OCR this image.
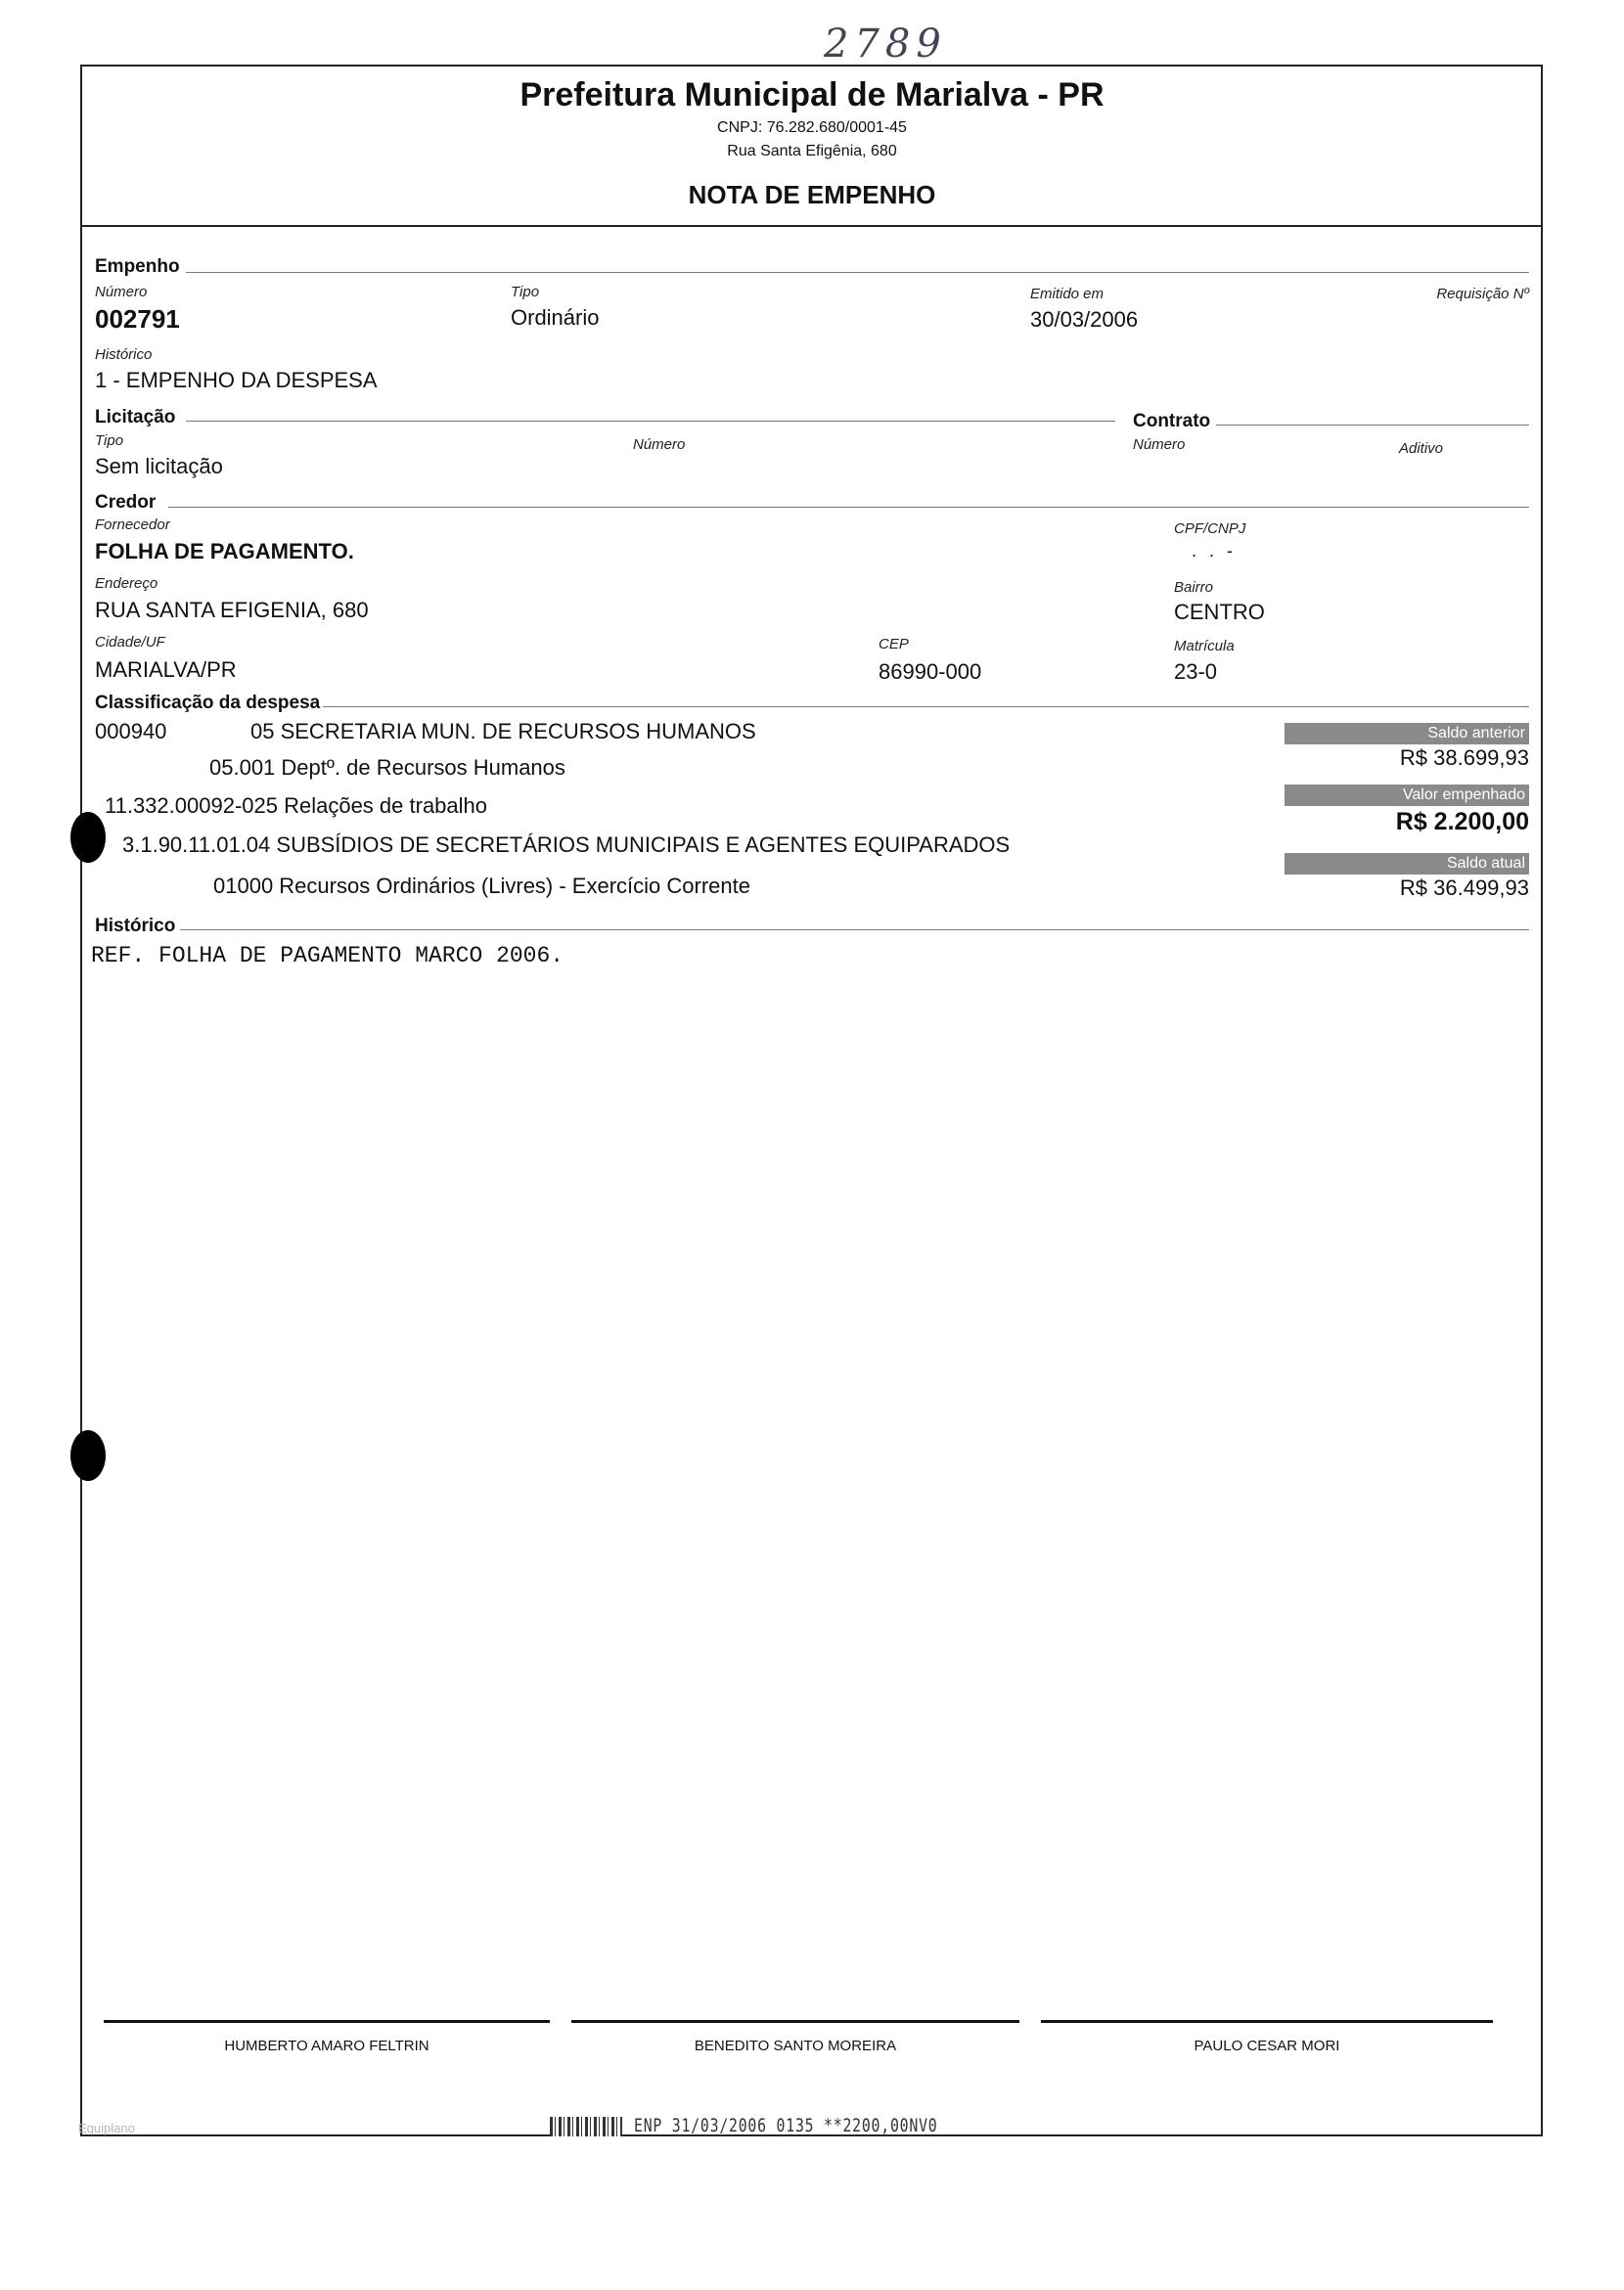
2789
Prefeitura Municipal de Marialva - PR
CNPJ: 76.282.680/0001-45
Rua Santa Efigênia, 680
NOTA DE EMPENHO
Empenho
Número
002791
Tipo
Ordinário
Emitido em
30/03/2006
Requisição Nº
Histórico
1 - EMPENHO DA DESPESA
Licitação	Contrato
Tipo
Sem licitação
Número	Número	Aditivo
Credor
Fornecedor
FOLHA DE PAGAMENTO.
CPF/CNPJ
. . -
Endereço
RUA SANTA EFIGENIA, 680
Bairro
CENTRO
Cidade/UF
MARIALVA/PR
CEP
86990-000
Matrícula
23-0
Classificação da despesa
000940	05 SECRETARIA MUN. DE RECURSOS HUMANOS
05.001 Deptº. de Recursos Humanos
11.332.00092-025 Relações de trabalho
3.1.90.11.01.04 SUBSÍDIOS DE SECRETÁRIOS MUNICIPAIS E AGENTES EQUIPARADOS
01000 Recursos Ordinários (Livres) - Exercício Corrente
Saldo anterior
R$ 38.699,93
Valor empenhado
R$ 2.200,00
Saldo atual
R$ 36.499,93
Histórico
REF. FOLHA DE PAGAMENTO MARCO 2006.
HUMBERTO AMARO FELTRIN	BENEDITO SANTO MOREIRA	PAULO CESAR MORI
Equiplano	ENP 31/03/2006 0135 **2200,00NV0
